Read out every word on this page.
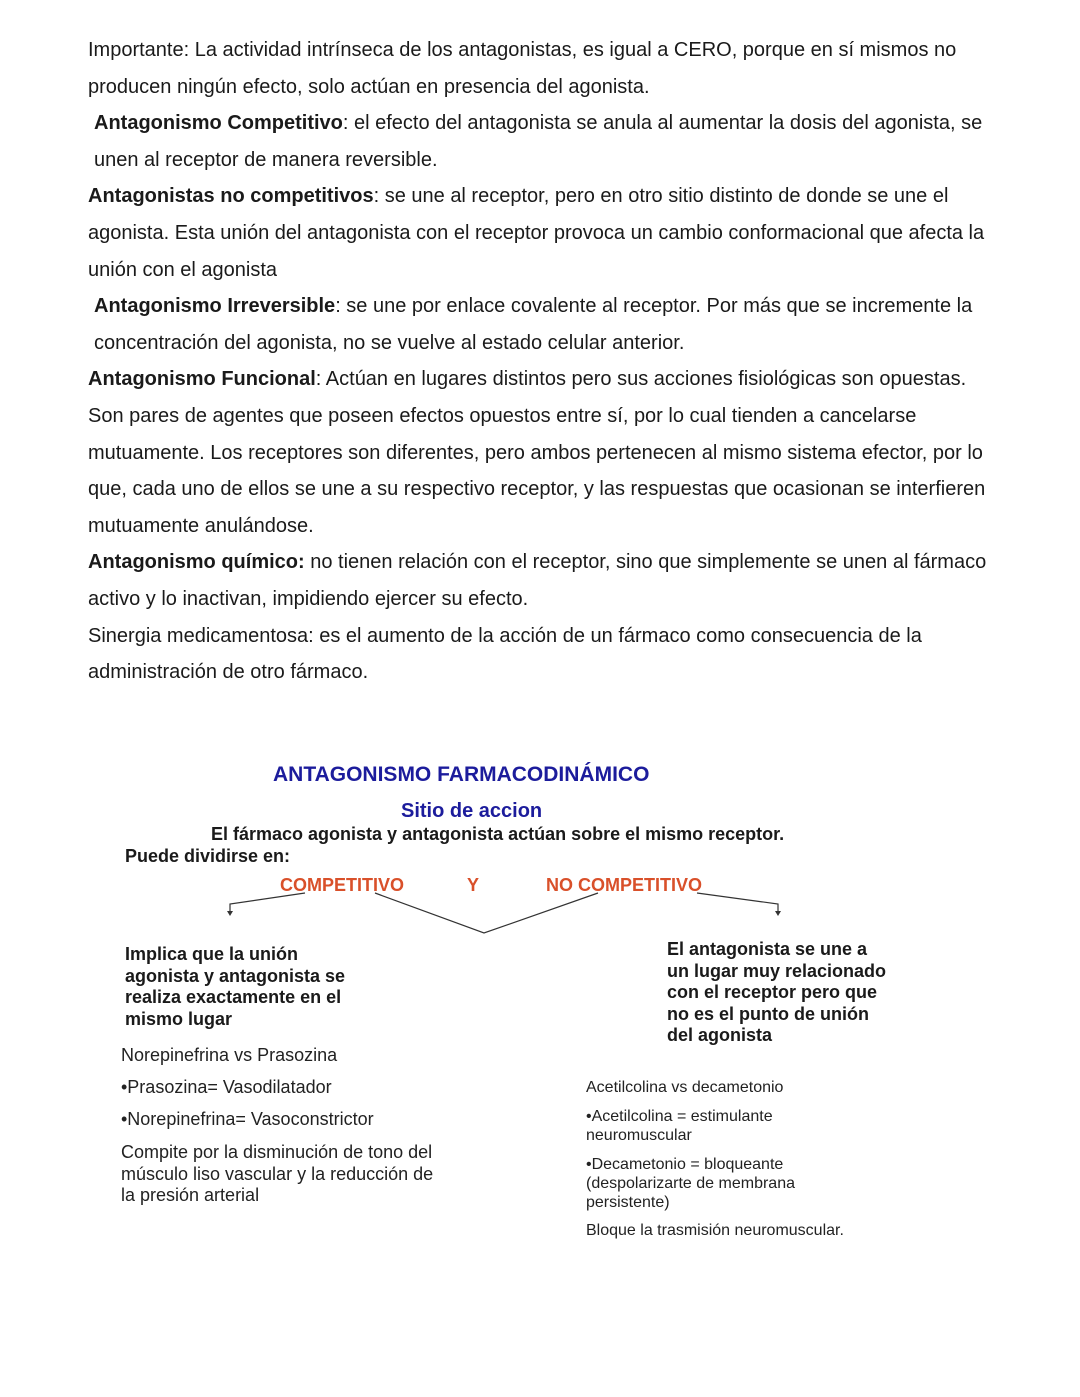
Importante: La actividad intrínseca de los antagonistas, es igual a CERO, porque en sí mismos no producen ningún efecto, solo actúan en presencia del agonista.

Antagonismo Competitivo: el efecto del antagonista se anula al aumentar la dosis del agonista, se unen al receptor de manera reversible.

Antagonistas no competitivos: se une al receptor, pero en otro sitio distinto de donde se une el agonista. Esta unión del antagonista con el receptor provoca un cambio conformacional que afecta la unión con el agonista

Antagonismo Irreversible: se une por enlace covalente al receptor. Por más que se incremente la concentración del agonista, no se vuelve al estado celular anterior.

Antagonismo Funcional: Actúan en lugares distintos pero sus acciones fisiológicas son opuestas. Son pares de agentes que poseen efectos opuestos entre sí, por lo cual tienden a cancelarse mutuamente. Los receptores son diferentes, pero ambos pertenecen al mismo sistema efector, por lo que, cada uno de ellos se une a su respectivo receptor, y las respuestas que ocasionan se interfieren mutuamente anulándose.

Antagonismo químico: no tienen relación con el receptor, sino que simplemente se unen al fármaco activo y lo inactivan, impidiendo ejercer su efecto.

Sinergia medicamentosa: es el aumento de la acción de un fármaco como consecuencia de la administración de otro fármaco.

ANTAGONISMO FARMACODINÁMICO
Sitio de accion
El fármaco agonista y antagonista actúan sobre el mismo receptor.
Puede dividirse en:
COMPETITIVO	Y	NO COMPETITIVO
Implica que la unión agonista y antagonista se realiza exactamente en el mismo lugar
Norepinefrina vs Prasozina
•Prasozina= Vasodilatador
•Norepinefrina= Vasoconstrictor
Compite por la disminución de tono del músculo liso vascular y la reducción de la presión arterial
El antagonista se une a un lugar muy relacionado con el receptor pero que no es el punto de unión del agonista
Acetilcolina vs decametonio
•Acetilcolina = estimulante neuromuscular
•Decametonio = bloqueante (despolarizarte de membrana persistente)
Bloque la trasmisión neuromuscular.
